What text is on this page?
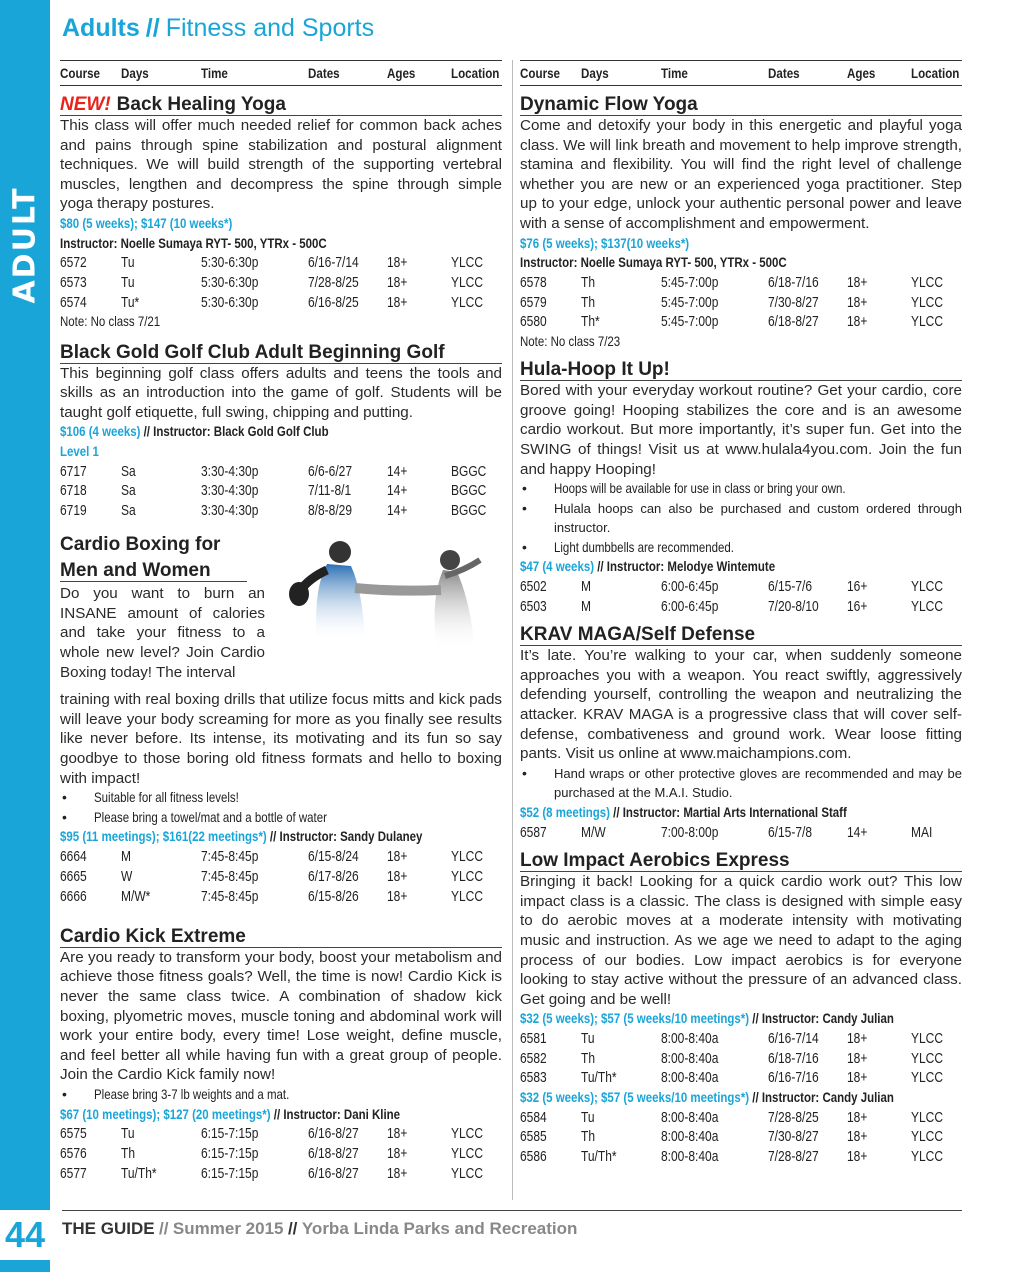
ADULT
44
Adults // Fitness and Sports
Course	Days	Time	Dates	Ages	Location
NEW! Back Healing Yoga
This class will offer much needed relief for common back aches and pains through spine stabilization and postural alignment techniques. We will build strength of the supporting vertebral muscles, lengthen and decompress the spine through simple yoga therapy postures.
$80 (5 weeks); $147 (10 weeks*)
Instructor: Noelle Sumaya RYT- 500, YTRx - 500C
6572	Tu	5:30-6:30p	6/16-7/14	18+	YLCC
6573	Tu	5:30-6:30p	7/28-8/25	18+	YLCC
6574	Tu*	5:30-6:30p	6/16-8/25	18+	YLCC
Note: No class 7/21
Black Gold Golf Club Adult Beginning Golf
This beginning golf class offers adults and teens the tools and skills as an introduction into the game of golf. Students will be taught golf etiquette, full swing, chipping and putting.
$106 (4 weeks) // Instructor: Black Gold Golf Club
Level 1
6717	Sa	3:30-4:30p	6/6-6/27	14+	BGGC
6718	Sa	3:30-4:30p	7/11-8/1	14+	BGGC
6719	Sa	3:30-4:30p	8/8-8/29	14+	BGGC
Cardio Boxing for
Men and Women
Do you want to burn an INSANE amount of calories and take your fitness to a whole new level? Join Cardio Boxing today! The interval
training with real boxing drills that utilize focus mitts and kick pads will leave your body screaming for more as you finally see results like never before. Its intense, its motivating and its fun so say goodbye to those boring old fitness formats and hello to boxing with impact!
•	Suitable for all fitness levels!
•	Please bring a towel/mat and a bottle of water
$95 (11 meetings); $161(22 meetings*) // Instructor: Sandy Dulaney
6664	M	7:45-8:45p	6/15-8/24	18+	YLCC
6665	W	7:45-8:45p	6/17-8/26	18+	YLCC
6666	M/W*	7:45-8:45p	6/15-8/26	18+	YLCC
Cardio Kick Extreme
Are you ready to transform your body, boost your metabolism and achieve those fitness goals? Well, the time is now! Cardio Kick is never the same class twice. A combination of shadow kick boxing, plyometric moves, muscle toning and abdominal work will work your entire body, every time! Lose weight, define muscle, and feel better all while having fun with a great group of people. Join the Cardio Kick family now!
•	Please bring 3-7 lb weights and a mat.
$67 (10 meetings); $127 (20 meetings*) // Instructor: Dani Kline
6575	Tu	6:15-7:15p	6/16-8/27	18+	YLCC
6576	Th	6:15-7:15p	6/18-8/27	18+	YLCC
6577	Tu/Th*	6:15-7:15p	6/16-8/27	18+	YLCC
Course	Days	Time	Dates	Ages	Location
Dynamic Flow Yoga
Come and detoxify your body in this energetic and playful yoga class. We will link breath and movement to help improve strength, stamina and flexibility. You will find the right level of challenge whether you are new or an experienced yoga practitioner. Step up to your edge, unlock your authentic personal power and leave with a sense of accomplishment and empowerment.
$76 (5 weeks); $137(10 weeks*)
Instructor: Noelle Sumaya RYT- 500, YTRx - 500C
6578	Th	5:45-7:00p	6/18-7/16	18+	YLCC
6579	Th	5:45-7:00p	7/30-8/27	18+	YLCC
6580	Th*	5:45-7:00p	6/18-8/27	18+	YLCC
Note: No class 7/23
Hula-Hoop It Up!
Bored with your everyday workout routine? Get your cardio, core groove going! Hooping stabilizes the core and is an awesome cardio workout. But more importantly, it’s super fun. Get into the SWING of things! Visit us at www.hulala4you.com. Join the fun and happy Hooping!
•	Hoops will be available for use in class or bring your own.
•	Hulala hoops can also be purchased and custom ordered through instructor.
•	Light dumbbells are recommended.
$47 (4 weeks) // Instructor: Melodye Wintemute
6502	M	6:00-6:45p	6/15-7/6	16+	YLCC
6503	M	6:00-6:45p	7/20-8/10	16+	YLCC
KRAV MAGA/Self Defense
It’s late. You’re walking to your car, when suddenly someone approaches you with a weapon. You react swiftly, aggressively defending yourself, controlling the weapon and neutralizing the attacker. KRAV MAGA is a progressive class that will cover self-defense, combativeness and ground work. Wear loose fitting pants. Visit us online at www.maichampions.com.
•	Hand wraps or other protective gloves are recommended and may be purchased at the M.A.I. Studio.
$52 (8 meetings) // Instructor: Martial Arts International Staff
6587	M/W	7:00-8:00p	6/15-7/8	14+	MAI
Low Impact Aerobics Express
Bringing it back! Looking for a quick cardio work out? This low impact class is a classic. The class is designed with simple easy to do aerobic moves at a moderate intensity with motivating music and instruction. As we age we need to adapt to the aging process of our bodies. Low impact aerobics is for everyone looking to stay active without the pressure of an advanced class. Get going and be well!
$32 (5 weeks); $57 (5 weeks/10 meetings*) // Instructor: Candy Julian
6581	Tu	8:00-8:40a	6/16-7/14	18+	YLCC
6582	Th	8:00-8:40a	6/18-7/16	18+	YLCC
6583	Tu/Th*	8:00-8:40a	6/16-7/16	18+	YLCC
$32 (5 weeks); $57 (5 weeks/10 meetings*) // Instructor: Candy Julian
6584	Tu	8:00-8:40a	7/28-8/25	18+	YLCC
6585	Th	8:00-8:40a	7/30-8/27	18+	YLCC
6586	Tu/Th*	8:00-8:40a	7/28-8/27	18+	YLCC
THE GUIDE // Summer 2015 // Yorba Linda Parks and Recreation
